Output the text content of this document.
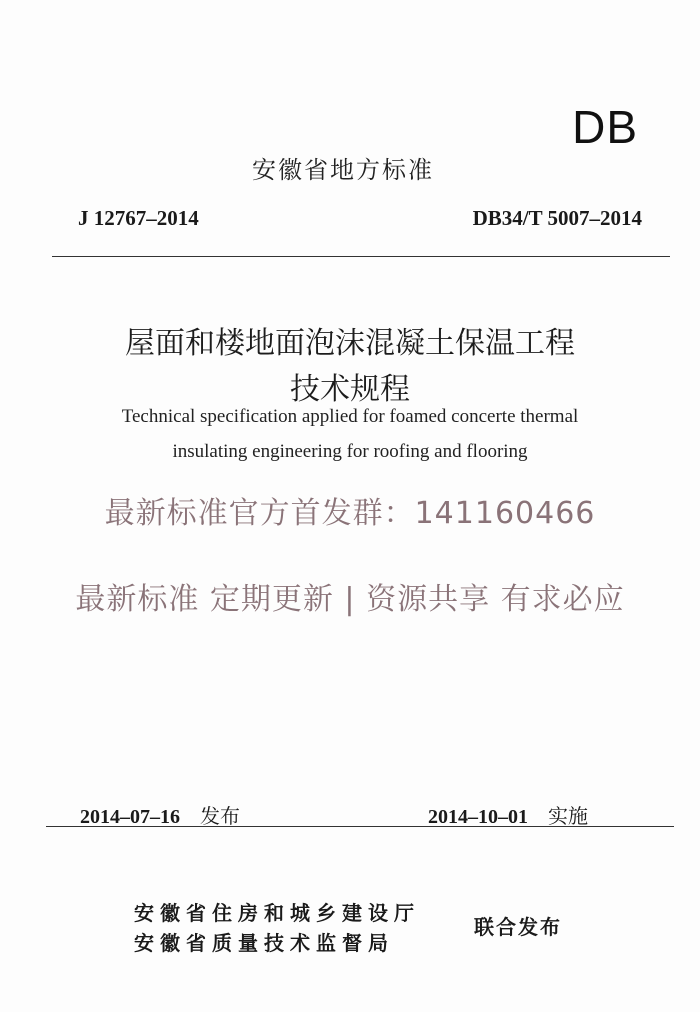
DB
安徽省地方标准
J 12767–2014	DB34/T 5007–2014
屋面和楼地面泡沫混凝土保温工程
技术规程
Technical specification applied for foamed concerte thermal
insulating engineering for roofing and flooring
最新标准官方首发群：141160466
最新标准 定期更新 | 资源共享 有求必应
2014–07–16 发布	2014–10–01 实施
安徽省住房和城乡建设厅
安徽省质量技术监督局
联合发布
